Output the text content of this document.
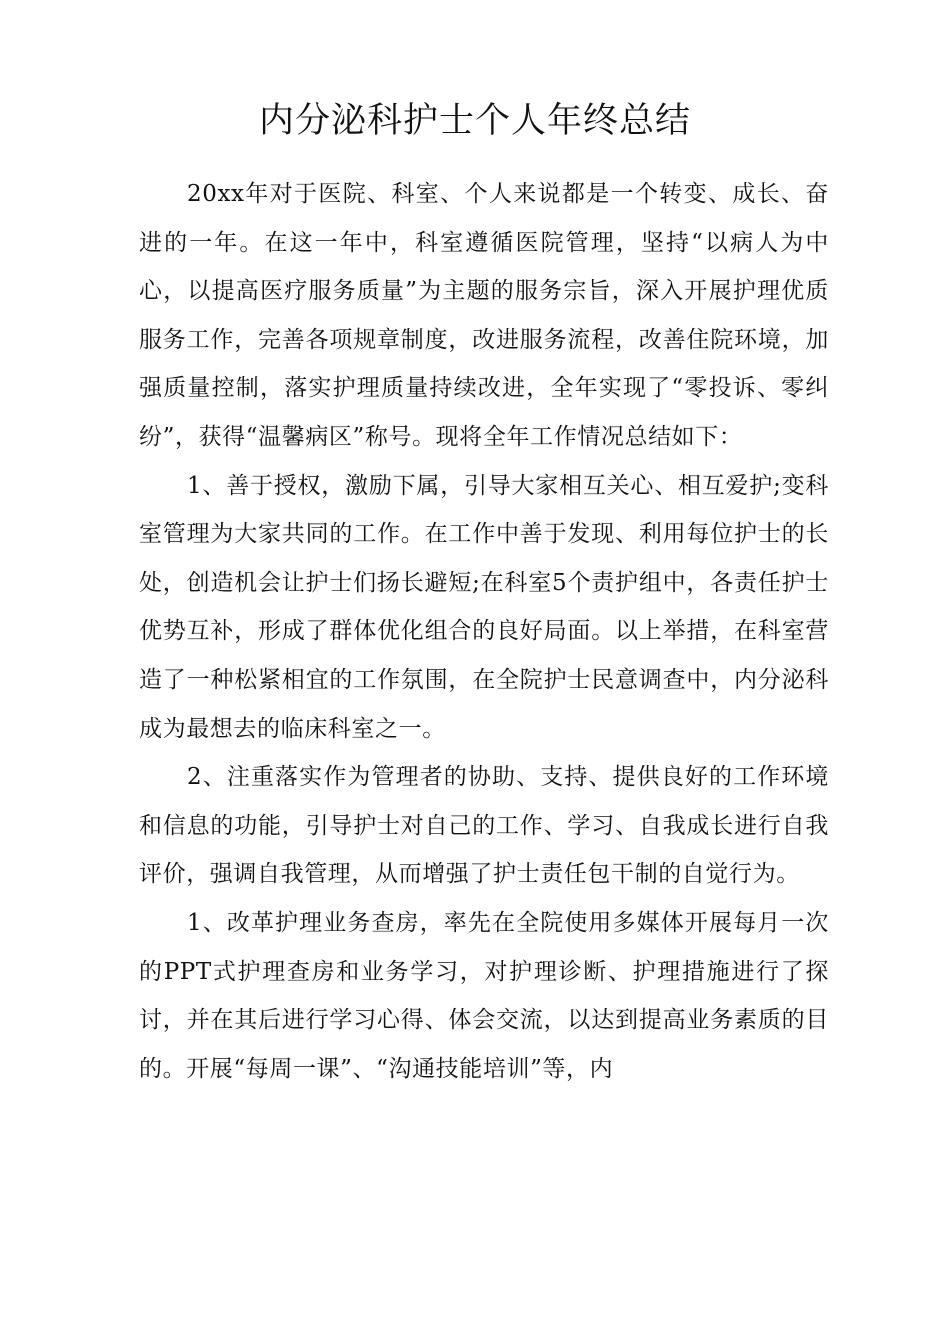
内分泌科护士个人年终总结

20xx年对于医院、科室、个人来说都是一个转变、成长、奋进的一年。在这一年中，科室遵循医院管理，坚持“以病人为中心，以提高医疗服务质量”为主题的服务宗旨，深入开展护理优质服务工作，完善各项规章制度，改进服务流程，改善住院环境，加强质量控制，落实护理质量持续改进，全年实现了“零投诉、零纠纷”，获得“温馨病区”称号。现将全年工作情况总结如下：

1、善于授权，激励下属，引导大家相互关心、相互爱护;变科室管理为大家共同的工作。在工作中善于发现、利用每位护士的长处，创造机会让护士们扬长避短;在科室5个责护组中，各责任护士优势互补，形成了群体优化组合的良好局面。以上举措，在科室营造了一种松紧相宜的工作氛围，在全院护士民意调查中，内分泌科成为最想去的临床科室之一。

2、注重落实作为管理者的协助、支持、提供良好的工作环境和信息的功能，引导护士对自己的工作、学习、自我成长进行自我评价，强调自我管理，从而增强了护士责任包干制的自觉行为。

1、改革护理业务查房，率先在全院使用多媒体开展每月一次的PPT式护理查房和业务学习，对护理诊断、护理措施进行了探讨，并在其后进行学习心得、体会交流，以达到提高业务素质的目的。开展“每周一课”、“沟通技能培训”等，内
